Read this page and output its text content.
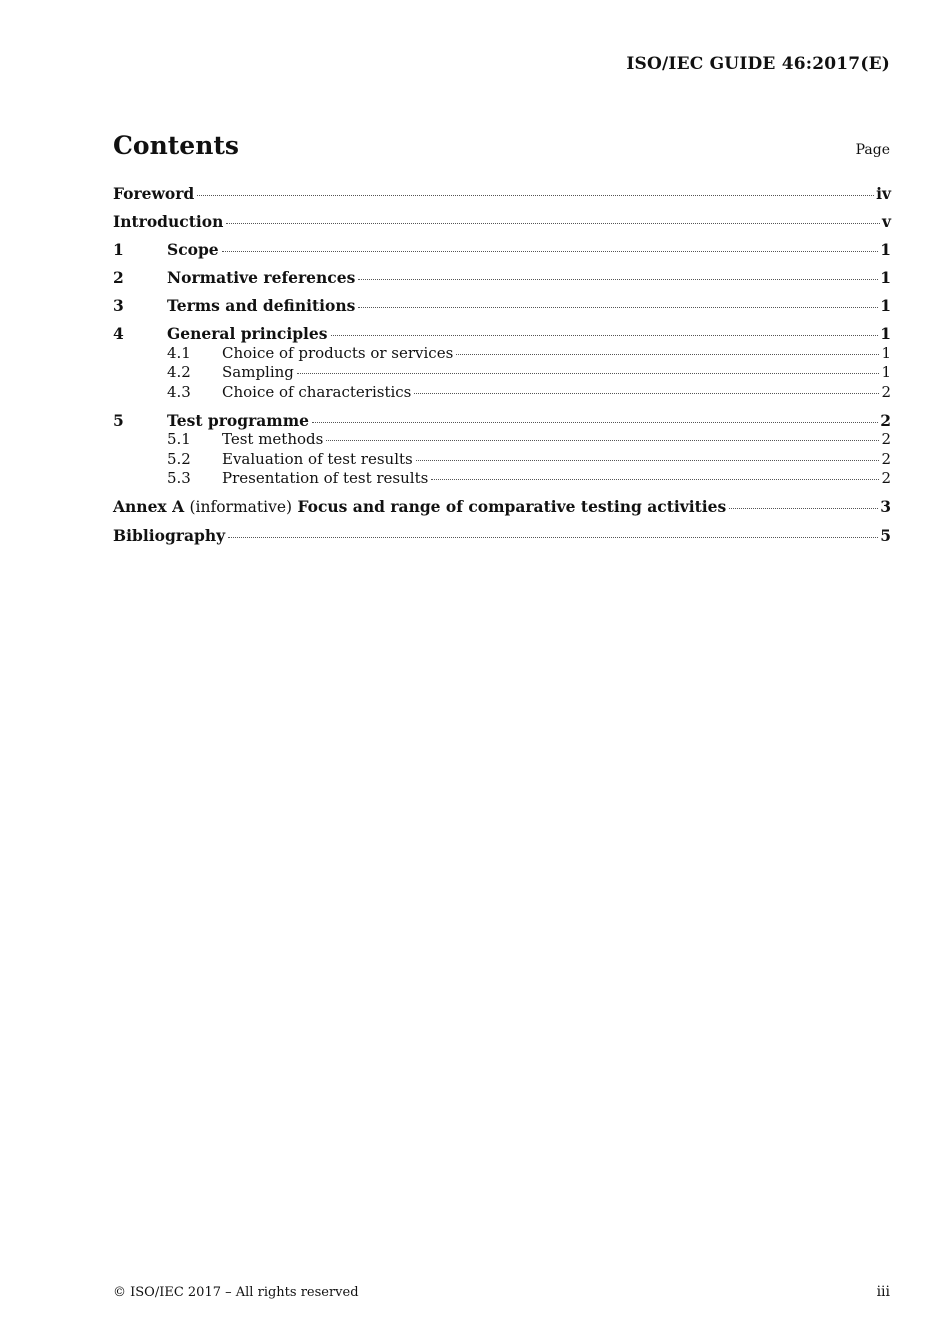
ISO/IEC GUIDE 46:2017(E)
Contents	Page
Foreword	iv
Introduction	v
1	Scope	1
2	Normative references	1
3	Terms and definitions	1
4	General principles	1
4.1	Choice of products or services	1
4.2	Sampling	1
4.3	Choice of characteristics	2
5	Test programme	2
5.1	Test methods	2
5.2	Evaluation of test results	2
5.3	Presentation of test results	2
Annex A (informative) Focus and range of comparative testing activities	3
Bibliography	5
© ISO/IEC 2017 – All rights reserved	iii
